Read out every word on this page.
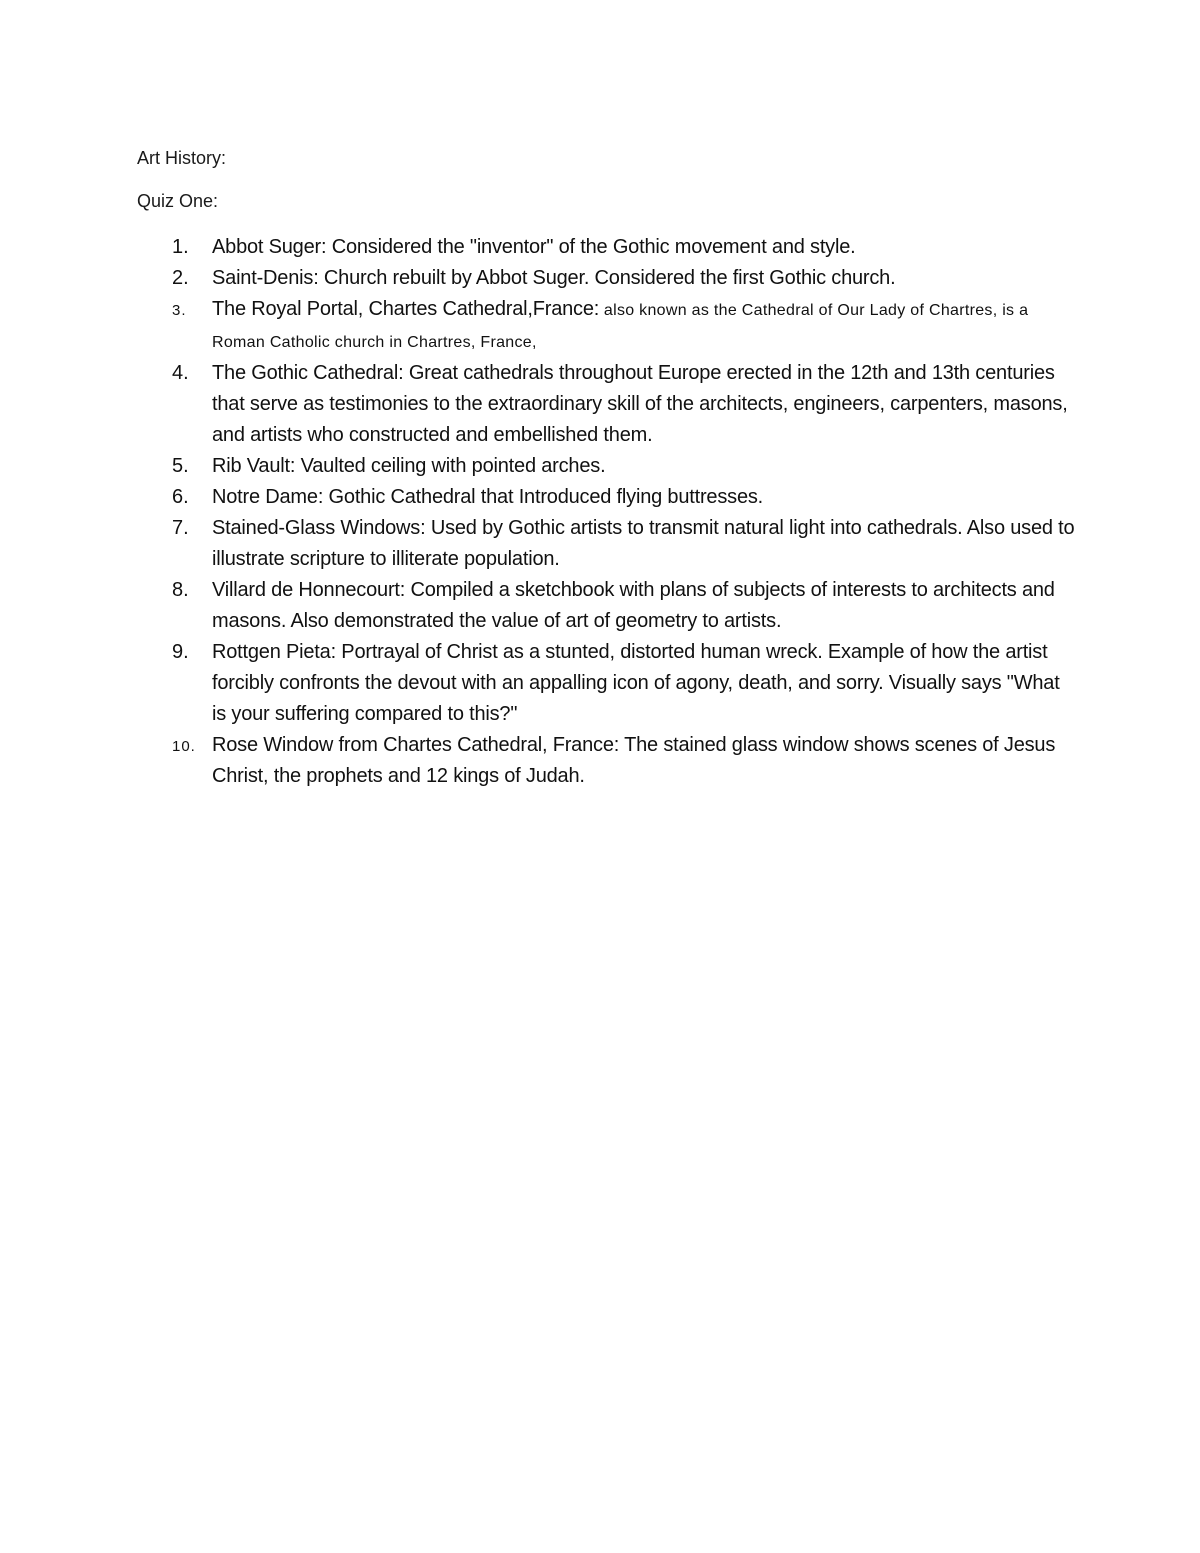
Art History:
Quiz One:
1.	Abbot Suger: Considered the "inventor" of the Gothic movement and style.
2.	Saint-Denis: Church rebuilt by Abbot Suger. Considered the first Gothic church.
3.	The Royal Portal, Chartes Cathedral,France: also known as the Cathedral of Our Lady of Chartres, is a Roman Catholic church in Chartres, France,
4.	The Gothic Cathedral: Great cathedrals throughout Europe erected in the 12th and 13th centuries that serve as testimonies to the extraordinary skill of the architects, engineers, carpenters, masons, and artists who constructed and embellished them.
5.	Rib Vault: Vaulted ceiling with pointed arches.
6.	Notre Dame: Gothic Cathedral that Introduced flying buttresses.
7.	Stained-Glass Windows: Used by Gothic artists to transmit natural light into cathedrals. Also used to illustrate scripture to illiterate population.
8.	Villard de Honnecourt: Compiled a sketchbook with plans of subjects of interests to architects and masons. Also demonstrated the value of art of geometry to artists.
9.	Rottgen Pieta: Portrayal of Christ as a stunted, distorted human wreck. Example of how the artist forcibly confronts the devout with an appalling icon of agony, death, and sorry. Visually says "What is your suffering compared to this?"
10. Rose Window from Chartes Cathedral, France: The stained glass window shows scenes of Jesus Christ, the prophets and 12 kings of Judah.
